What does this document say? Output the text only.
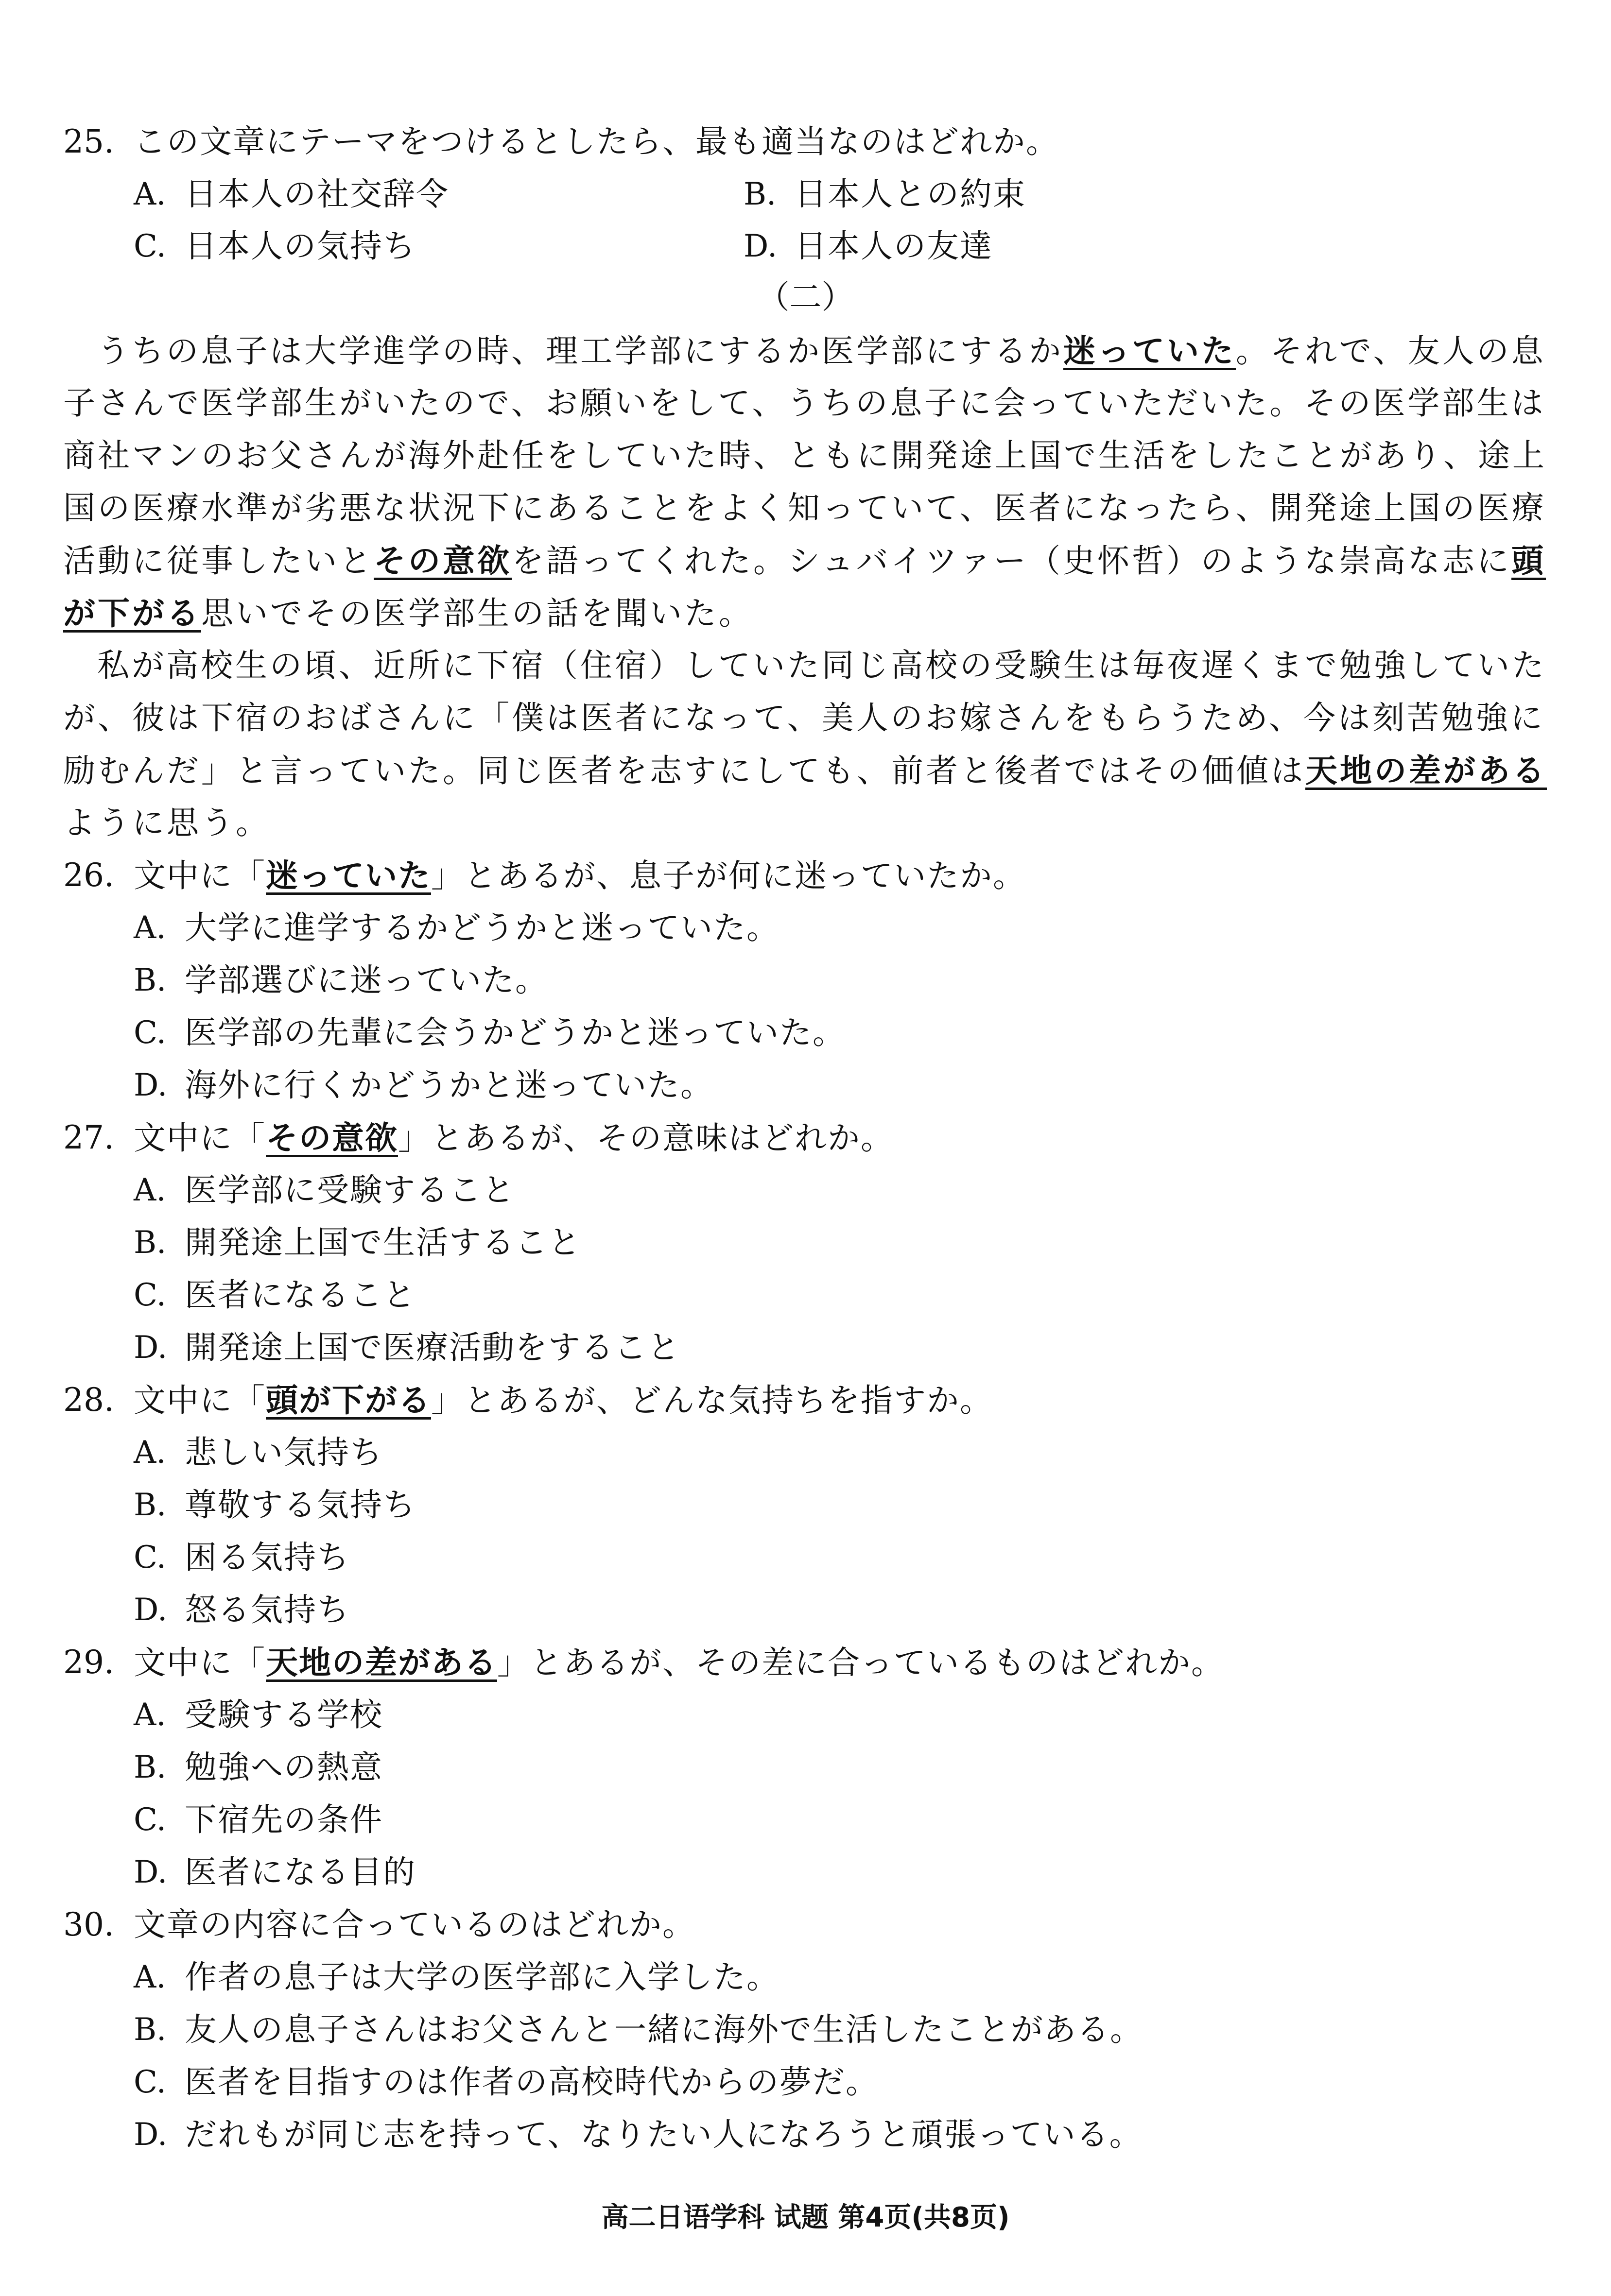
25. この文章にテーマをつけるとしたら、最も適当なのはどれか。
A. 日本人の社交辞令	B. 日本人との約束
C. 日本人の気持ち	D. 日本人の友達
（二）
うちの息子は大学進学の時、理工学部にするか医学部にするか迷っていた。それで、友人の息
子さんで医学部生がいたので、お願いをして、うちの息子に会っていただいた。その医学部生は
商社マンのお父さんが海外赴任をしていた時、ともに開発途上国で生活をしたことがあり、途上
国の医療水準が劣悪な状況下にあることをよく知っていて、医者になったら、開発途上国の医療
活動に従事したいとその意欲を語ってくれた。シュバイツァー（史怀哲）のような崇高な志に頭
が下がる思いでその医学部生の話を聞いた。
私が高校生の頃、近所に下宿（住宿）していた同じ高校の受験生は毎夜遅くまで勉強していた
が、彼は下宿のおばさんに「僕は医者になって、美人のお嫁さんをもらうため、今は刻苦勉強に
励むんだ」と言っていた。同じ医者を志すにしても、前者と後者ではその価値は天地の差がある
ように思う。
26. 文中に「迷っていた」とあるが、息子が何に迷っていたか。
A. 大学に進学するかどうかと迷っていた。
B. 学部選びに迷っていた。
C. 医学部の先輩に会うかどうかと迷っていた。
D. 海外に行くかどうかと迷っていた。
27. 文中に「その意欲」とあるが、その意味はどれか。
A. 医学部に受験すること
B. 開発途上国で生活すること
C. 医者になること
D. 開発途上国で医療活動をすること
28. 文中に「頭が下がる」とあるが、どんな気持ちを指すか。
A. 悲しい気持ち
B. 尊敬する気持ち
C. 困る気持ち
D. 怒る気持ち
29. 文中に「天地の差がある」とあるが、その差に合っているものはどれか。
A. 受験する学校
B. 勉強への熱意
C. 下宿先の条件
D. 医者になる目的
30. 文章の内容に合っているのはどれか。
A. 作者の息子は大学の医学部に入学した。
B. 友人の息子さんはお父さんと一緒に海外で生活したことがある。
C. 医者を目指すのは作者の高校時代からの夢だ。
D. だれもが同じ志を持って、なりたい人になろうと頑張っている。
高二日语学科 试题 第4页(共8页)
